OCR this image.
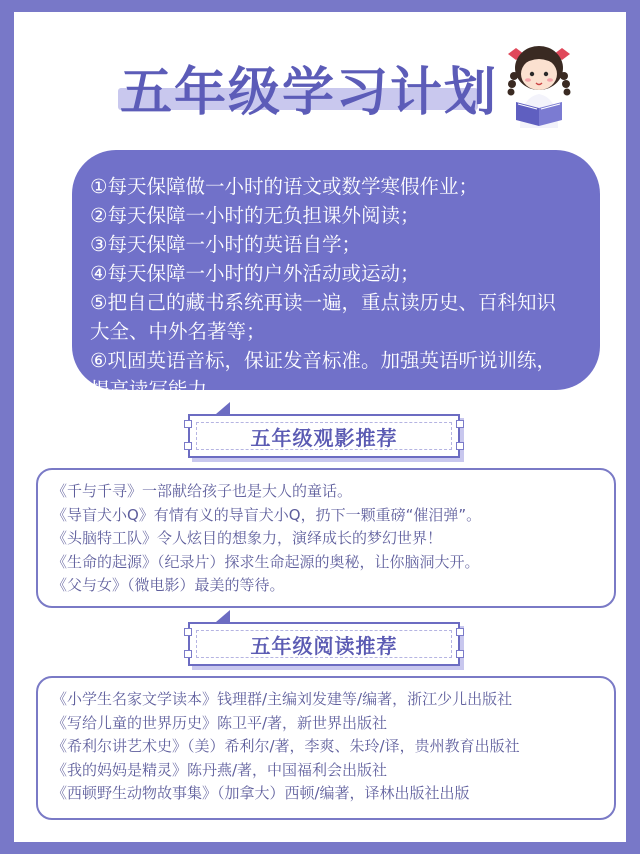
五年级学习计划
①每天保障做一小时的语文或数学寒假作业；
②每天保障一小时的无负担课外阅读；
③每天保障一小时的英语自学；
④每天保障一小时的户外活动或运动；
⑤把自己的藏书系统再读一遍，重点读历史、百科知识
大全、中外名著等；
⑥巩固英语音标，保证发音标准。加强英语听说训练，
提高读写能力。
五年级观影推荐
《千与千寻》一部献给孩子也是大人的童话。
《导盲犬小Q》有情有义的导盲犬小Q，扔下一颗重磅“催泪弹”。
《头脑特工队》令人炫目的想象力，演绎成长的梦幻世界！
《生命的起源》（纪录片）探求生命起源的奥秘，让你脑洞大开。
《父与女》（微电影）最美的等待。
五年级阅读推荐
《小学生名家文学读本》钱理群/主编刘发建等/编著，浙江少儿出版社
《写给儿童的世界历史》陈卫平/著，新世界出版社
《希利尔讲艺术史》（美）希利尔/著，李爽、朱玲/译，贵州教育出版社
《我的妈妈是精灵》陈丹燕/著，中国福利会出版社
《西顿野生动物故事集》（加拿大）西顿/编著，译林出版社出版
